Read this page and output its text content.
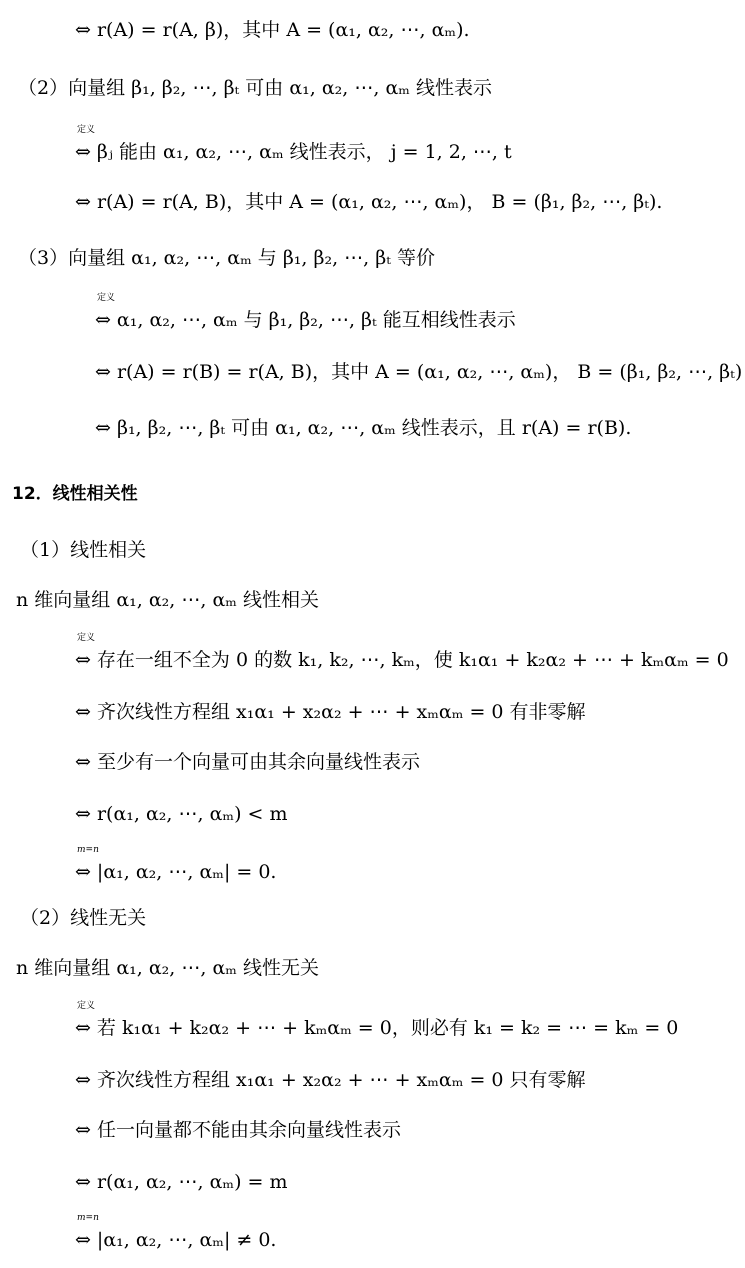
⇔ r(A) = r(A, β)，其中 A = (α₁, α₂, ⋯, αₘ).
（2）向量组 β₁, β₂, ⋯, βₜ 可由 α₁, α₂, ⋯, αₘ 线性表示
定义
⇔ βⱼ 能由 α₁, α₂, ⋯, αₘ 线性表示， j = 1, 2, ⋯, t
⇔ r(A) = r(A, B)，其中 A = (α₁, α₂, ⋯, αₘ)， B = (β₁, β₂, ⋯, βₜ).
（3）向量组 α₁, α₂, ⋯, αₘ 与 β₁, β₂, ⋯, βₜ 等价
定义
⇔ α₁, α₂, ⋯, αₘ 与 β₁, β₂, ⋯, βₜ 能互相线性表示
⇔ r(A) = r(B) = r(A, B)，其中 A = (α₁, α₂, ⋯, αₘ)， B = (β₁, β₂, ⋯, βₜ)
⇔ β₁, β₂, ⋯, βₜ 可由 α₁, α₂, ⋯, αₘ 线性表示，且 r(A) = r(B).
12．线性相关性
（1）线性相关
n 维向量组 α₁, α₂, ⋯, αₘ 线性相关
定义
⇔ 存在一组不全为 0 的数 k₁, k₂, ⋯, kₘ，使 k₁α₁ + k₂α₂ + ⋯ + kₘαₘ = 0
⇔ 齐次线性方程组 x₁α₁ + x₂α₂ + ⋯ + xₘαₘ = 0 有非零解
⇔ 至少有一个向量可由其余向量线性表示
⇔ r(α₁, α₂, ⋯, αₘ) < m
m=n
⇔ |α₁, α₂, ⋯, αₘ| = 0.
（2）线性无关
n 维向量组 α₁, α₂, ⋯, αₘ 线性无关
定义
⇔ 若 k₁α₁ + k₂α₂ + ⋯ + kₘαₘ = 0，则必有 k₁ = k₂ = ⋯ = kₘ = 0
⇔ 齐次线性方程组 x₁α₁ + x₂α₂ + ⋯ + xₘαₘ = 0 只有零解
⇔ 任一向量都不能由其余向量线性表示
⇔ r(α₁, α₂, ⋯, αₘ) = m
m=n
⇔ |α₁, α₂, ⋯, αₘ| ≠ 0.
